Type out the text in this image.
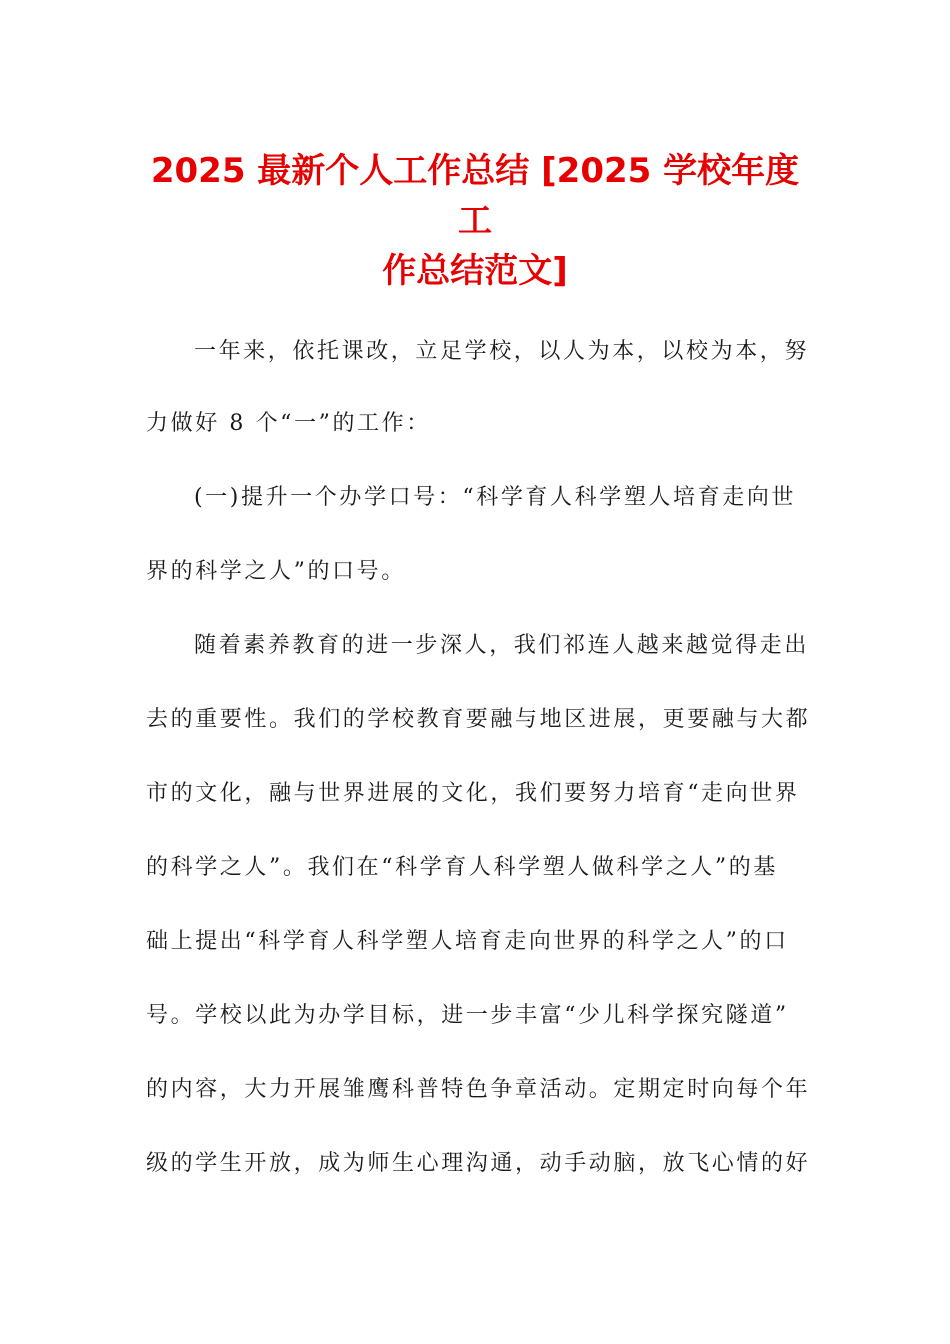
2025 最新个人工作总结 [2025 学校年度工
作总结范文]
一年来，依托课改，立足学校，以人为本，以校为本，努
力做好 8 个“一”的工作：
(一)提升一个办学口号：“科学育人科学塑人培育走向世
界的科学之人”的口号。
随着素养教育的进一步深人，我们祁连人越来越觉得走出
去的重要性。我们的学校教育要融与地区进展，更要融与大都
市的文化，融与世界进展的文化，我们要努力培育“走向世界
的科学之人”。我们在“科学育人科学塑人做科学之人”的基
础上提出“科学育人科学塑人培育走向世界的科学之人”的口
号。学校以此为办学目标，进一步丰富“少儿科学探究隧道”
的内容，大力开展雏鹰科普特色争章活动。定期定时向每个年
级的学生开放，成为师生心理沟通，动手动脑，放飞心情的好
